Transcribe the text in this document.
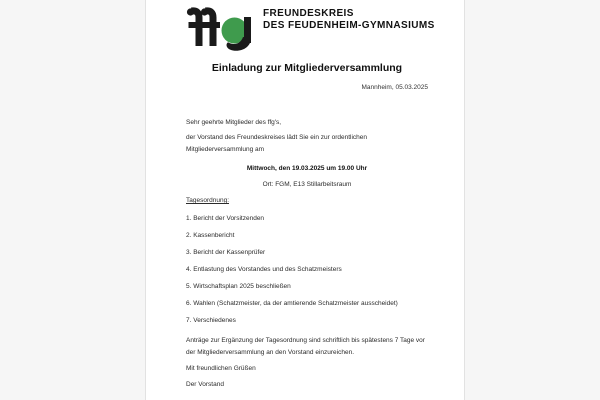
FREUNDESKREIS
DES FEUDENHEIM-GYMNASIUMS
Einladung zur Mitgliederversammlung
Mannheim, 05.03.2025

Sehr geehrte Mitglieder des ffg's,

der Vorstand des Freundeskreises lädt Sie ein zur ordentlichen
Mitgliederversammlung am

Mittwoch, den 19.03.2025 um 19.00 Uhr
Ort: FGM, E13 Stillarbeitsraum
Tagesordnung:
1. Bericht der Vorsitzenden
2. Kassenbericht
3. Bericht der Kassenprüfer
4. Entlastung des Vorstandes und des Schatzmeisters
5. Wirtschaftsplan 2025 beschließen
6. Wahlen (Schatzmeister, da der amtierende Schatzmeister ausscheidet)
7. Verschiedenes

Anträge zur Ergänzung der Tagesordnung sind schriftlich bis spätestens 7 Tage vor
der Mitgliederversammlung an den Vorstand einzureichen.

Mit freundlichen Grüßen

Der Vorstand
